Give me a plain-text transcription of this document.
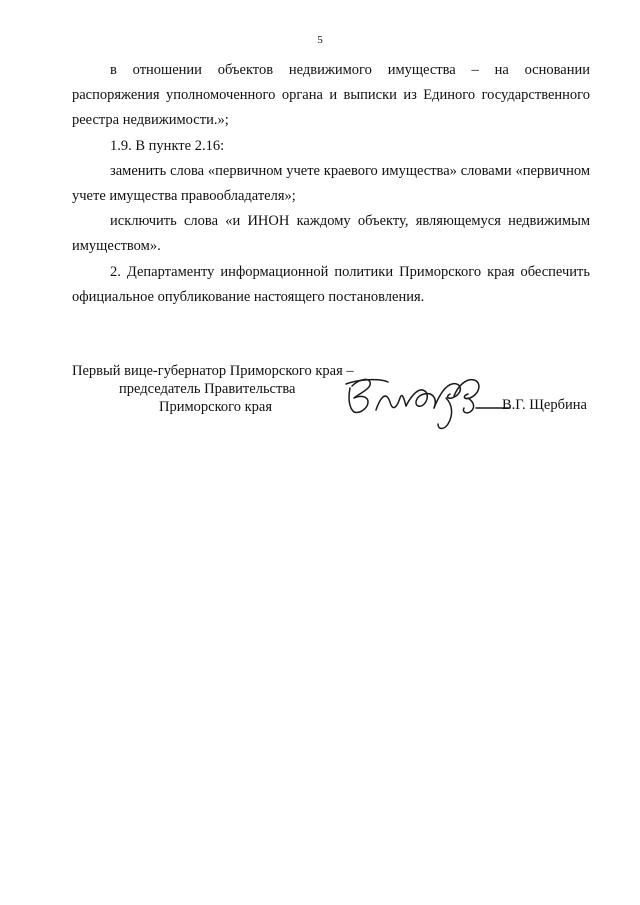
5

в отношении объектов недвижимого имущества – на основании распоряжения уполномоченного органа и выписки из Единого государственного реестра недвижимости.»;

1.9. В пункте 2.16:

заменить слова «первичном учете краевого имущества» словами «первичном учете имущества правообладателя»;

исключить слова «и ИНОН каждому объекту, являющемуся недвижимым имуществом».

2. Департаменту информационной политики Приморского края обеспечить официальное опубликование настоящего постановления.

Первый вице-губернатор Приморского края –
председатель Правительства
Приморского края	В.Г. Щербина
